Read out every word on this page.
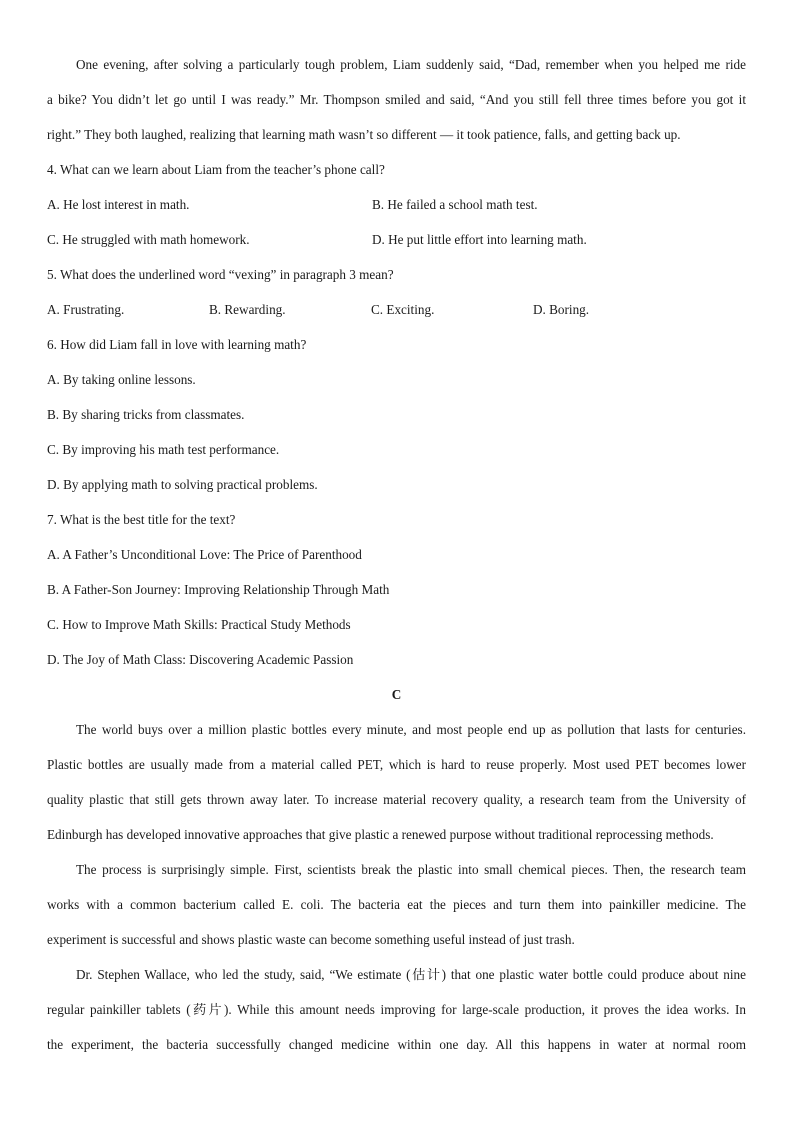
One evening, after solving a particularly tough problem, Liam suddenly said, “Dad, remember when you helped me ride
a bike? You didn’t let go until I was ready.” Mr. Thompson smiled and said, “And you still fell three times before you got it
right.” They both laughed, realizing that learning math wasn’t so different — it took patience, falls, and getting back up.
4. What can we learn about Liam from the teacher’s phone call?
A. He lost interest in math.	B. He failed a school math test.
C. He struggled with math homework.	D. He put little effort into learning math.
5. What does the underlined word “vexing” in paragraph 3 mean?
A. Frustrating.	B. Rewarding.	C. Exciting.	D. Boring.
6. How did Liam fall in love with learning math?
A. By taking online lessons.
B. By sharing tricks from classmates.
C. By improving his math test performance.
D. By applying math to solving practical problems.
7. What is the best title for the text?
A. A Father’s Unconditional Love: The Price of Parenthood
B. A Father-Son Journey: Improving Relationship Through Math
C. How to Improve Math Skills: Practical Study Methods
D. The Joy of Math Class: Discovering Academic Passion
C
The world buys over a million plastic bottles every minute, and most people end up as pollution that lasts for centuries.
Plastic bottles are usually made from a material called PET, which is hard to reuse properly. Most used PET becomes lower
quality plastic that still gets thrown away later. To increase material recovery quality, a research team from the University of
Edinburgh has developed innovative approaches that give plastic a renewed purpose without traditional reprocessing methods.
The process is surprisingly simple. First, scientists break the plastic into small chemical pieces. Then, the research team
works with a common bacterium called E. coli. The bacteria eat the pieces and turn them into painkiller medicine. The
experiment is successful and shows plastic waste can become something useful instead of just trash.
Dr. Stephen Wallace, who led the study, said, “We estimate (估计) that one plastic water bottle could produce about nine
regular painkiller tablets (药片). While this amount needs improving for large-scale production, it proves the idea works. In
the experiment, the bacteria successfully changed medicine within one day. All this happens in water at normal room
